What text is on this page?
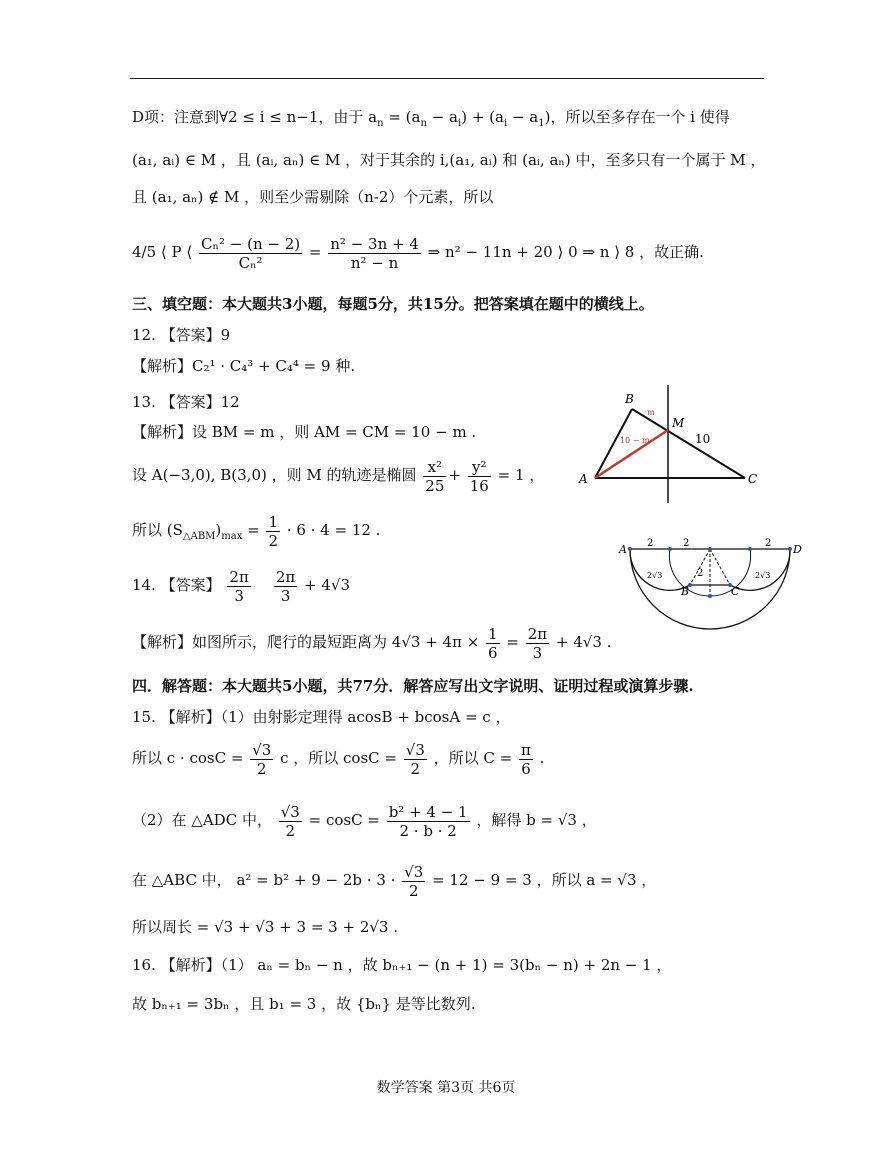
D项：注意到∀2 ≤ i ≤ n−1，由于 $a_n = (a_n - a_i) + (a_i - a_1)$，所以至多存在一个 i 使得
(a₁, aᵢ) ∈ M ，且 (aᵢ, aₙ) ∈ M ，对于其余的 i,(a₁, aᵢ) 和 (aᵢ, aₙ) 中，至多只有一个属于 M ，
且 (a₁, aₙ) ∉ M ，则至少需剔除（n-2）个元素，所以
4/5 ⟨ P ⟨ $\frac{\text{Cₙ² − (n − 2)}}{\text{Cₙ²}} = \frac{\text{n² − 3n + 4}}{\text{n² − n}}$ ⇒ n² − 11n + 20 ⟩ 0 ⇒ n ⟩ 8 ，故正确.
三、填空题：本大题共3小题，每题5分，共15分。把答案填在题中的横线上。
12. 【答案】9
【解析】C₂¹ · C₄³ + C₄⁴ = 9 种.
13. 【答案】12
【解析】设 BM = m ，则 AM = CM = 10 − m .
设 A(−3,0), B(3,0) ，则 M 的轨迹是椭圆 $\frac{\text{x²}}{25} + \frac{\text{y²}}{16} = 1$ ，
所以 $(S_{\triangle ABM})_{max} = \frac{1}{2} \cdot 6 \cdot 4 = 12$ .
14. 【答案】 $\frac{2\pi}{3}$
$\frac{2\pi}{3} + 4√3$
【解析】如图所示，爬行的最短距离为 $4√3 + 4\pi \times \frac{1}{6} = \frac{2\pi}{3} + 4√3$ .
四．解答题：本大题共5小题，共77分．解答应写出文字说明、证明过程或演算步骤.
15. 【解析】（1）由射影定理得 acosB + bcosA = c ，
所以 $c \cdot \cos C = \frac{√3}{2}$ c ，所以 $\cos C = \frac{√3}{2}$ ，所以 $C = \frac{\pi}{6}$ .
（2）在 △ADC 中， $\frac{√3}{2} = \cos C = \frac{\text{b² + 4 − 1}}{2 \cdot b \cdot 2}$ ，解得 b = √3 ，
在 △ABC 中， $a^2 = b^2 + 9 - 2b \cdot 3 \cdot \frac{√3}{2} = 12 - 9 = 3$ ，所以 a = √3 ，
所以周长 = √3 + √3 + 3 = 3 + 2√3 .
16. 【解析】（1） aₙ = bₙ − n ，故 bₙ₊₁ − (n + 1) = 3(bₙ − n) + 2n − 1 ，
故 bₙ₊₁ = 3bₙ ，且 b₁ = 3 ，故 {bₙ} 是等比数列.
B
M
A	C
m
10 − m	10
A	D
B	C
2	2	2
2√3	2√3
2
数学答案 第3页 共6页
